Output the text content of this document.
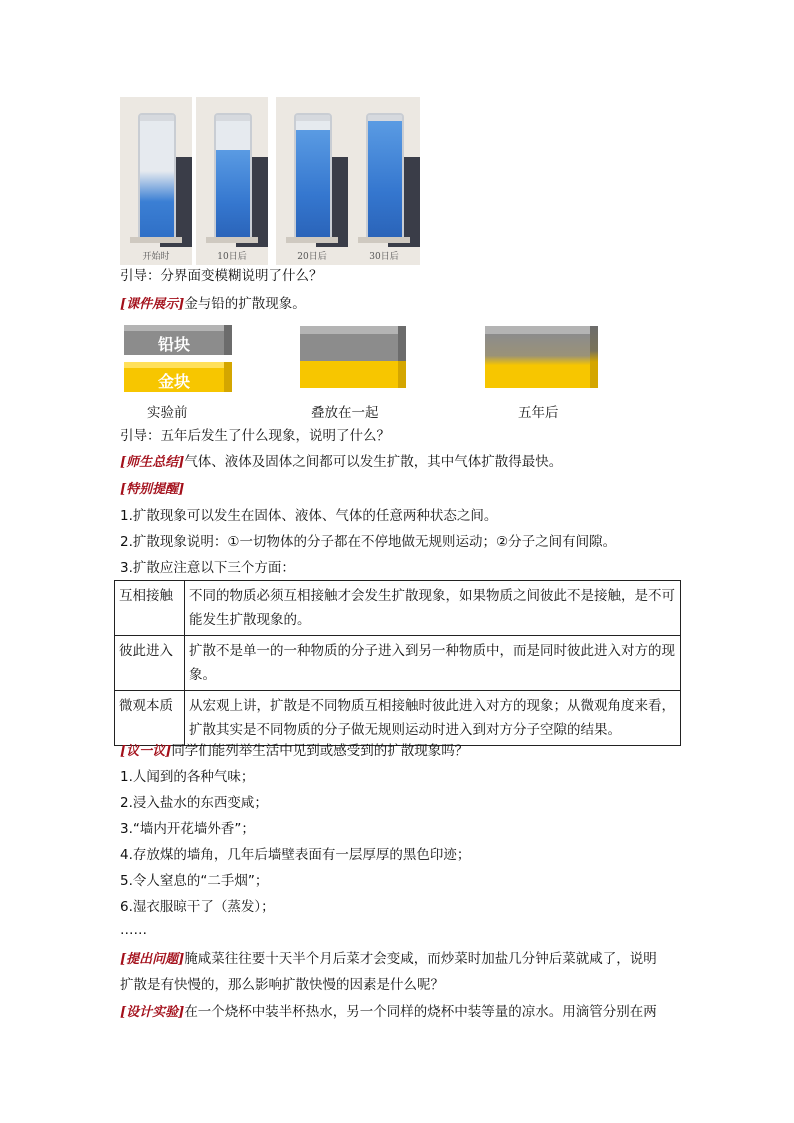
开始时	10日后	20日后	30日后
引导：分界面变模糊说明了什么？
[课件展示]金与铅的扩散现象。
铅块
金块
实验前	叠放在一起	五年后
引导：五年后发生了什么现象，说明了什么？
[师生总结]气体、液体及固体之间都可以发生扩散，其中气体扩散得最快。
[特别提醒]
1.扩散现象可以发生在固体、液体、气体的任意两种状态之间。
2.扩散现象说明：①一切物体的分子都在不停地做无规则运动；②分子之间有间隙。
3.扩散应注意以下三个方面：
互相接触	不同的物质必须互相接触才会发生扩散现象，如果物质之间彼此不是接触，是不可能发生扩散现象的。
彼此进入	扩散不是单一的一种物质的分子进入到另一种物质中，而是同时彼此进入对方的现象。
微观本质	从宏观上讲，扩散是不同物质互相接触时彼此进入对方的现象；从微观角度来看，扩散其实是不同物质的分子做无规则运动时进入到对方分子空隙的结果。
[议一议]同学们能列举生活中见到或感受到的扩散现象吗？
1.人闻到的各种气味；
2.浸入盐水的东西变咸；
3.“墙内开花墙外香”；
4.存放煤的墙角，几年后墙壁表面有一层厚厚的黑色印迹；
5.令人窒息的“二手烟”；
6.湿衣服晾干了（蒸发）；
……
[提出问题]腌咸菜往往要十天半个月后菜才会变咸，而炒菜时加盐几分钟后菜就咸了，说明
扩散是有快慢的，那么影响扩散快慢的因素是什么呢？
[设计实验]在一个烧杯中装半杯热水，另一个同样的烧杯中装等量的凉水。用滴管分别在两
